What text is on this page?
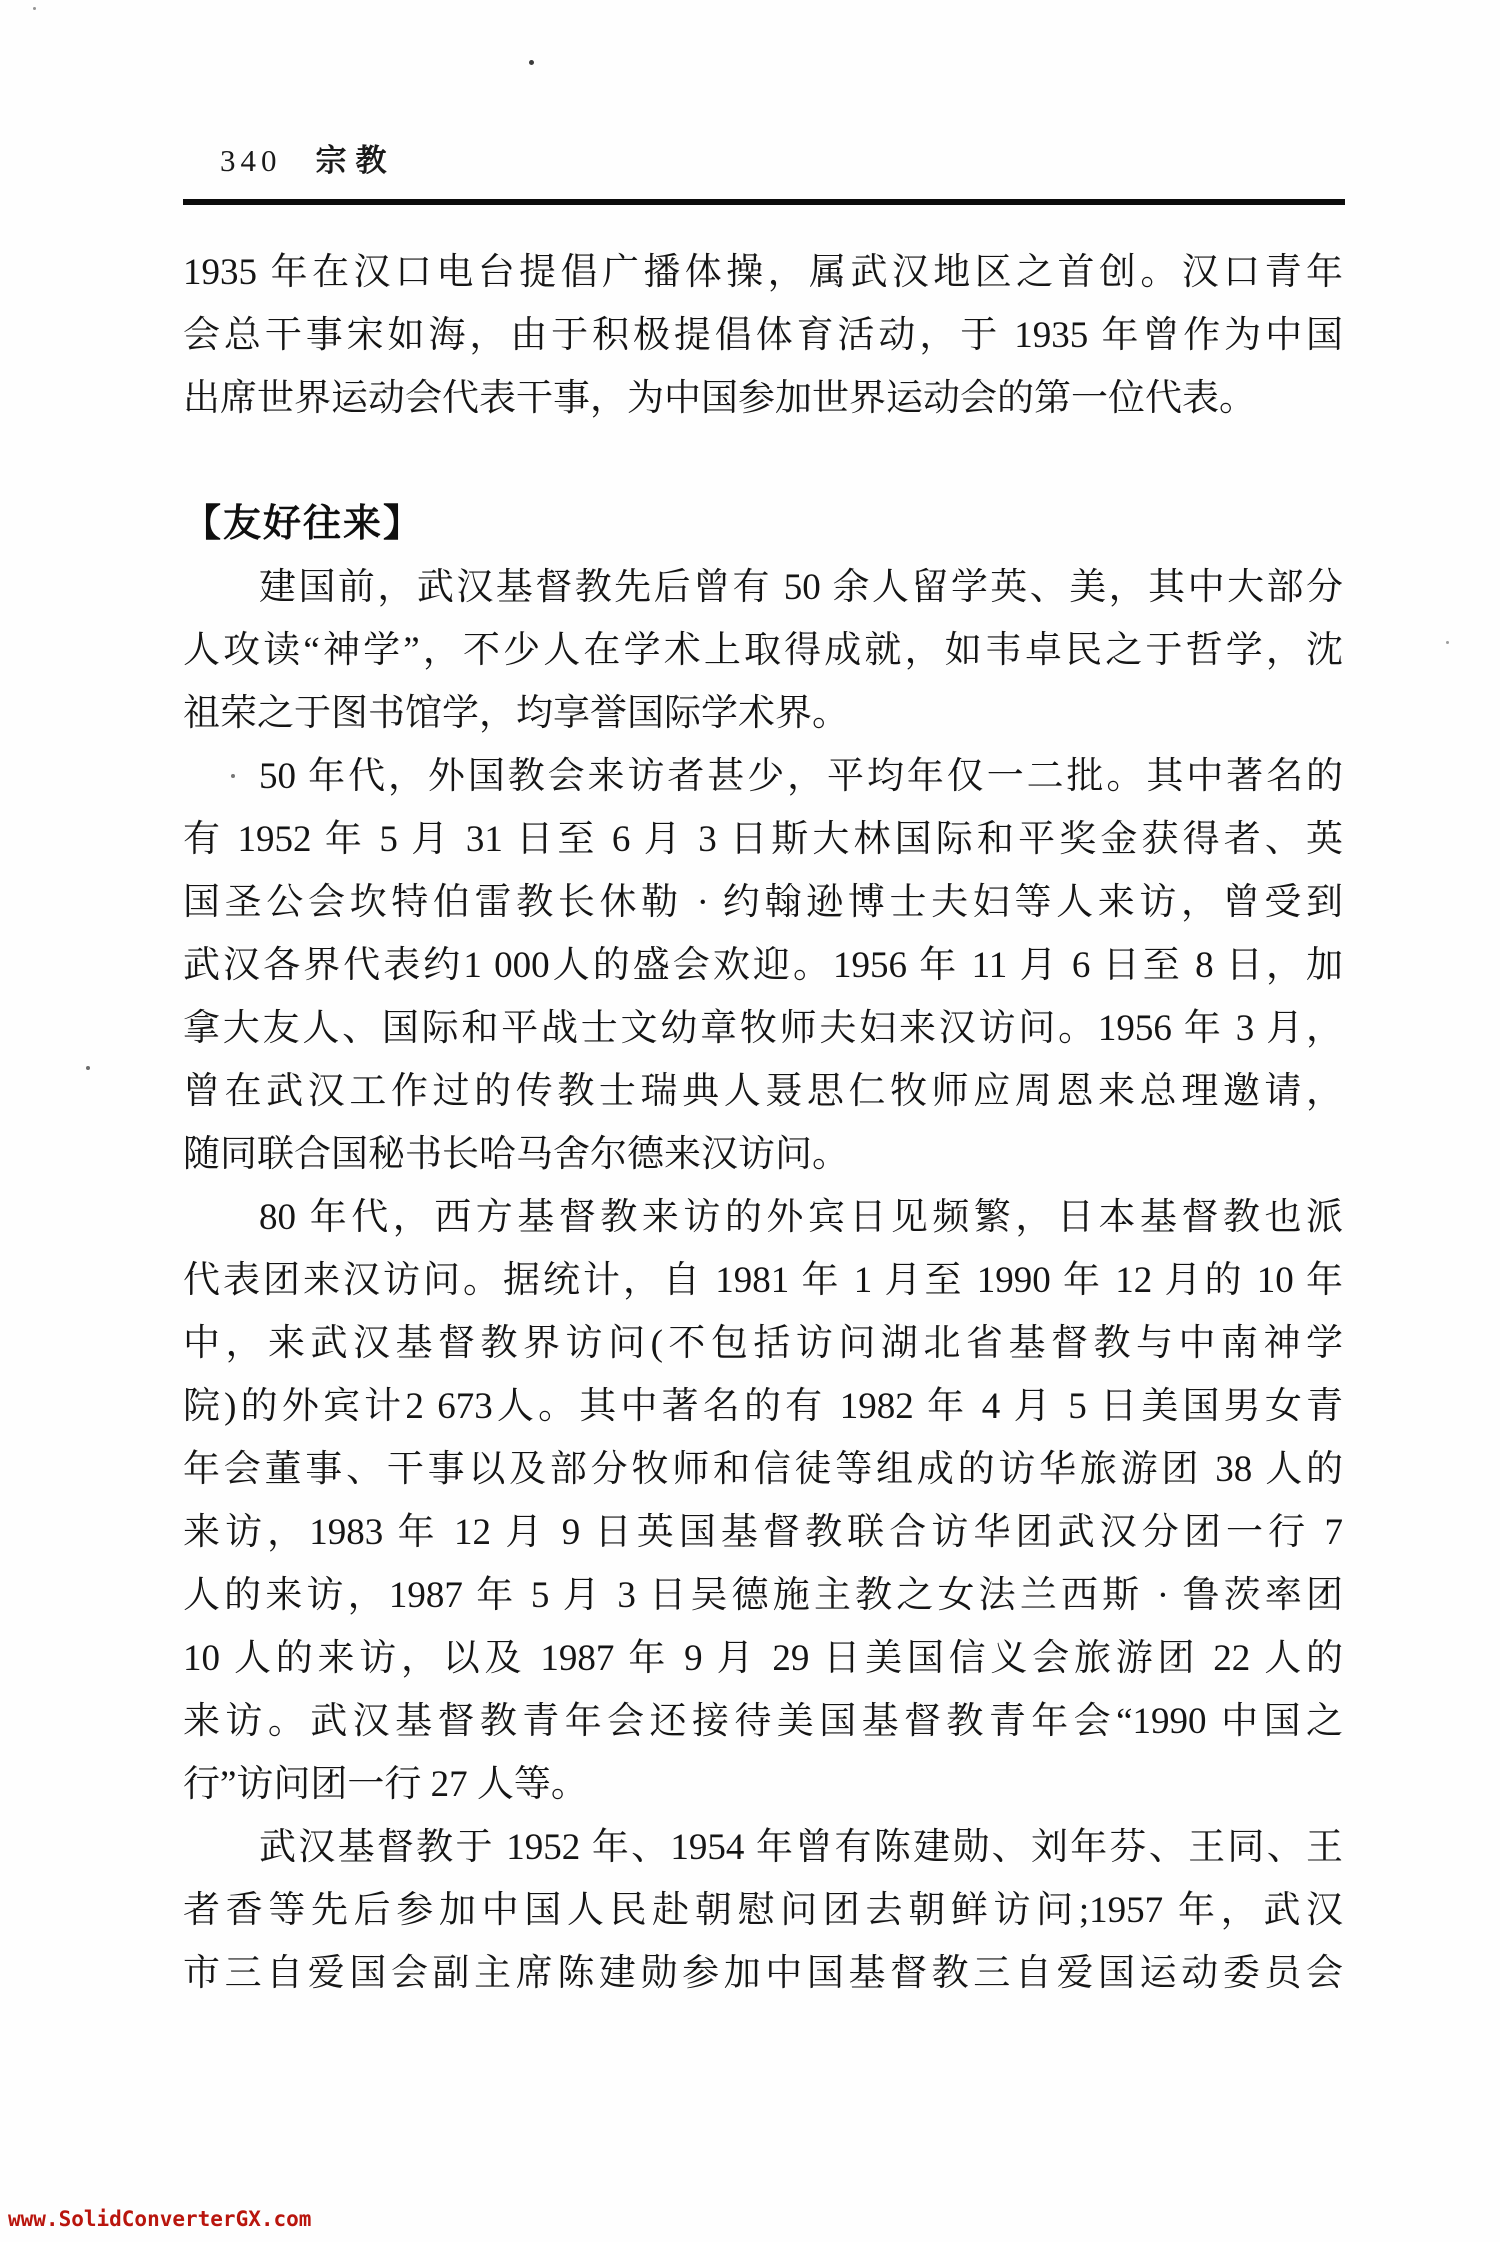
340 宗教
1935 年在汉口电台提倡广播体操，属武汉地区之首创。汉口青年
会总干事宋如海，由于积极提倡体育活动，于 1935 年曾作为中国
出席世界运动会代表干事，为中国参加世界运动会的第一位代表。
【友好往来】
建国前，武汉基督教先后曾有 50 余人留学英、美，其中大部分
人攻读“神学”，不少人在学术上取得成就，如韦卓民之于哲学，沈
祖荣之于图书馆学，均享誉国际学术界。
50 年代，外国教会来访者甚少，平均年仅一二批。其中著名的
有 1952 年 5 月 31 日至 6 月 3 日斯大林国际和平奖金获得者、英
国圣公会坎特伯雷教长休勒 · 约翰逊博士夫妇等人来访，曾受到
武汉各界代表约1 000人的盛会欢迎。1956 年 11 月 6 日至 8 日，加
拿大友人、国际和平战士文幼章牧师夫妇来汉访问。1956 年 3 月，
曾在武汉工作过的传教士瑞典人聂思仁牧师应周恩来总理邀请，
随同联合国秘书长哈马舍尔德来汉访问。
80 年代，西方基督教来访的外宾日见频繁，日本基督教也派
代表团来汉访问。据统计，自 1981 年 1 月至 1990 年 12 月的 10 年
中，来武汉基督教界访问(不包括访问湖北省基督教与中南神学
院)的外宾计2 673人。其中著名的有 1982 年 4 月 5 日美国男女青
年会董事、干事以及部分牧师和信徒等组成的访华旅游团 38 人的
来访，1983 年 12 月 9 日英国基督教联合访华团武汉分团一行 7
人的来访，1987 年 5 月 3 日吴德施主教之女法兰西斯 · 鲁茨率团
10 人的来访，以及 1987 年 9 月 29 日美国信义会旅游团 22 人的
来访。武汉基督教青年会还接待美国基督教青年会“1990 中国之
行”访问团一行 27 人等。
武汉基督教于 1952 年、1954 年曾有陈建勋、刘年芬、王同、王
者香等先后参加中国人民赴朝慰问团去朝鲜访问;1957 年，武汉
市三自爱国会副主席陈建勋参加中国基督教三自爱国运动委员会
www.SolidConverterGX.com
